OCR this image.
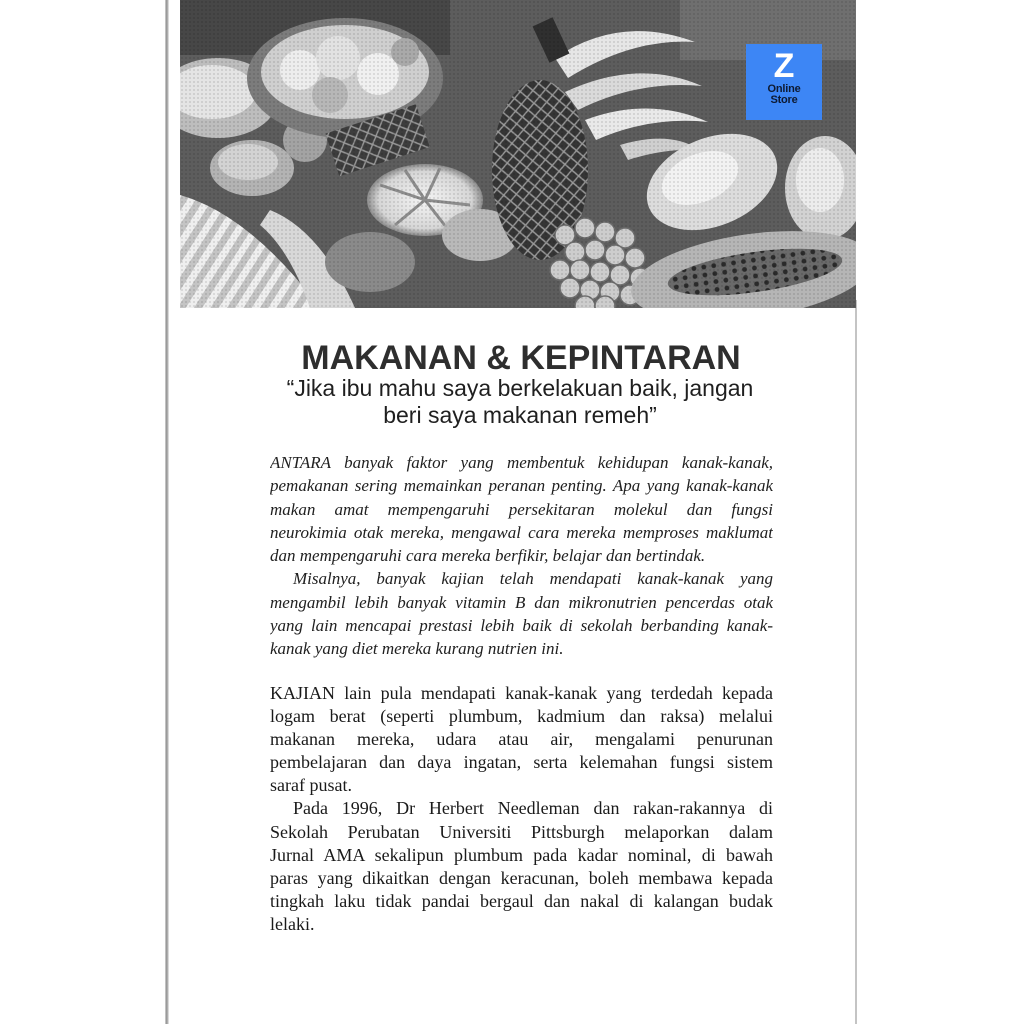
Z
Online
Store
MAKANAN & KEPINTARAN
“Jika ibu mahu saya berkelakuan baik, jangan
beri saya makanan remeh”
ANTARA banyak faktor yang membentuk kehidupan kanak-kanak,
pemakanan sering memainkan peranan penting. Apa yang kanak-kanak
makan amat mempengaruhi persekitaran molekul dan fungsi
neurokimia otak mereka, mengawal cara mereka memproses maklumat
dan mempengaruhi cara mereka berfikir, belajar dan bertindak.
Misalnya, banyak kajian telah mendapati kanak-kanak yang
mengambil lebih banyak vitamin B dan mikronutrien pencerdas otak
yang lain mencapai prestasi lebih baik di sekolah berbanding kanak-
kanak yang diet mereka kurang nutrien ini.
KAJIAN lain pula mendapati kanak-kanak yang terdedah kepada
logam berat (seperti plumbum, kadmium dan raksa) melalui
makanan mereka, udara atau air, mengalami penurunan
pembelajaran dan daya ingatan, serta kelemahan fungsi sistem
saraf pusat.
Pada 1996, Dr Herbert Needleman dan rakan-rakannya di
Sekolah Perubatan Universiti Pittsburgh melaporkan dalam
Jurnal AMA sekalipun plumbum pada kadar nominal, di bawah
paras yang dikaitkan dengan keracunan, boleh membawa kepada
tingkah laku tidak pandai bergaul dan nakal di kalangan budak
lelaki.
